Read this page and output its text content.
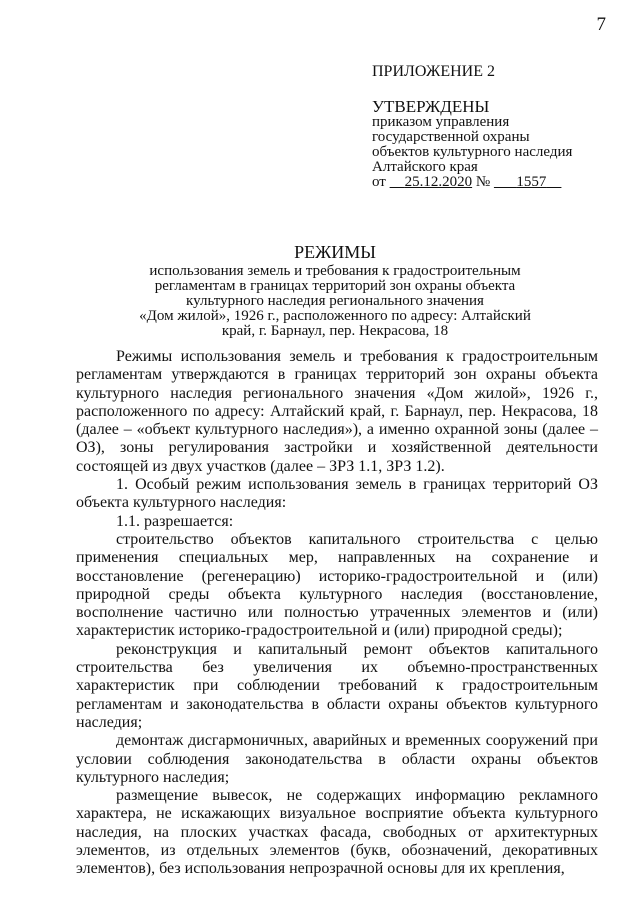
7
ПРИЛОЖЕНИЕ 2
УТВЕРЖДЕНЫ
приказом управления
государственной охраны
объектов культурного наследия
Алтайского края
от 25.12.2020 № 1557
РЕЖИМЫ
использования земель и требования к градостроительным
регламентам в границах территорий зон охраны объекта
культурного наследия регионального значения
«Дом жилой», 1926 г., расположенного по адресу: Алтайский
край, г. Барнаул, пер. Некрасова, 18

Режимы использования земель и требования к градостроительным регламентам утверждаются в границах территорий зон охраны объекта культурного наследия регионального значения «Дом жилой», 1926 г., расположенного по адресу: Алтайский край, г. Барнаул, пер. Некрасова, 18 (далее – «объект культурного наследия»), а именно охранной зоны (далее – ОЗ), зоны регулирования застройки и хозяйственной деятельности состоящей из двух участков (далее – ЗРЗ 1.1, ЗРЗ 1.2).

1. Особый режим использования земель в границах территорий ОЗ объекта культурного наследия:

1.1. разрешается:

строительство объектов капитального строительства с целью применения специальных мер, направленных на сохранение и восстановление (регенерацию) историко-градостроительной и (или) природной среды объекта культурного наследия (восстановление, восполнение частично или полностью утраченных элементов и (или) характеристик историко-градостроительной и (или) природной среды);

реконструкция и капитальный ремонт объектов капитального строительства без увеличения их объемно-пространственных характеристик при соблюдении требований к градостроительным регламентам и законодательства в области охраны объектов культурного наследия;

демонтаж дисгармоничных, аварийных и временных сооружений при условии соблюдения законодательства в области охраны объектов культурного наследия;

размещение вывесок, не содержащих информацию рекламного характера, не искажающих визуальное восприятие объекта культурного наследия, на плоских участках фасада, свободных от архитектурных элементов, из отдельных элементов (букв, обозначений, декоративных элементов), без использования непрозрачной основы для их крепления,
